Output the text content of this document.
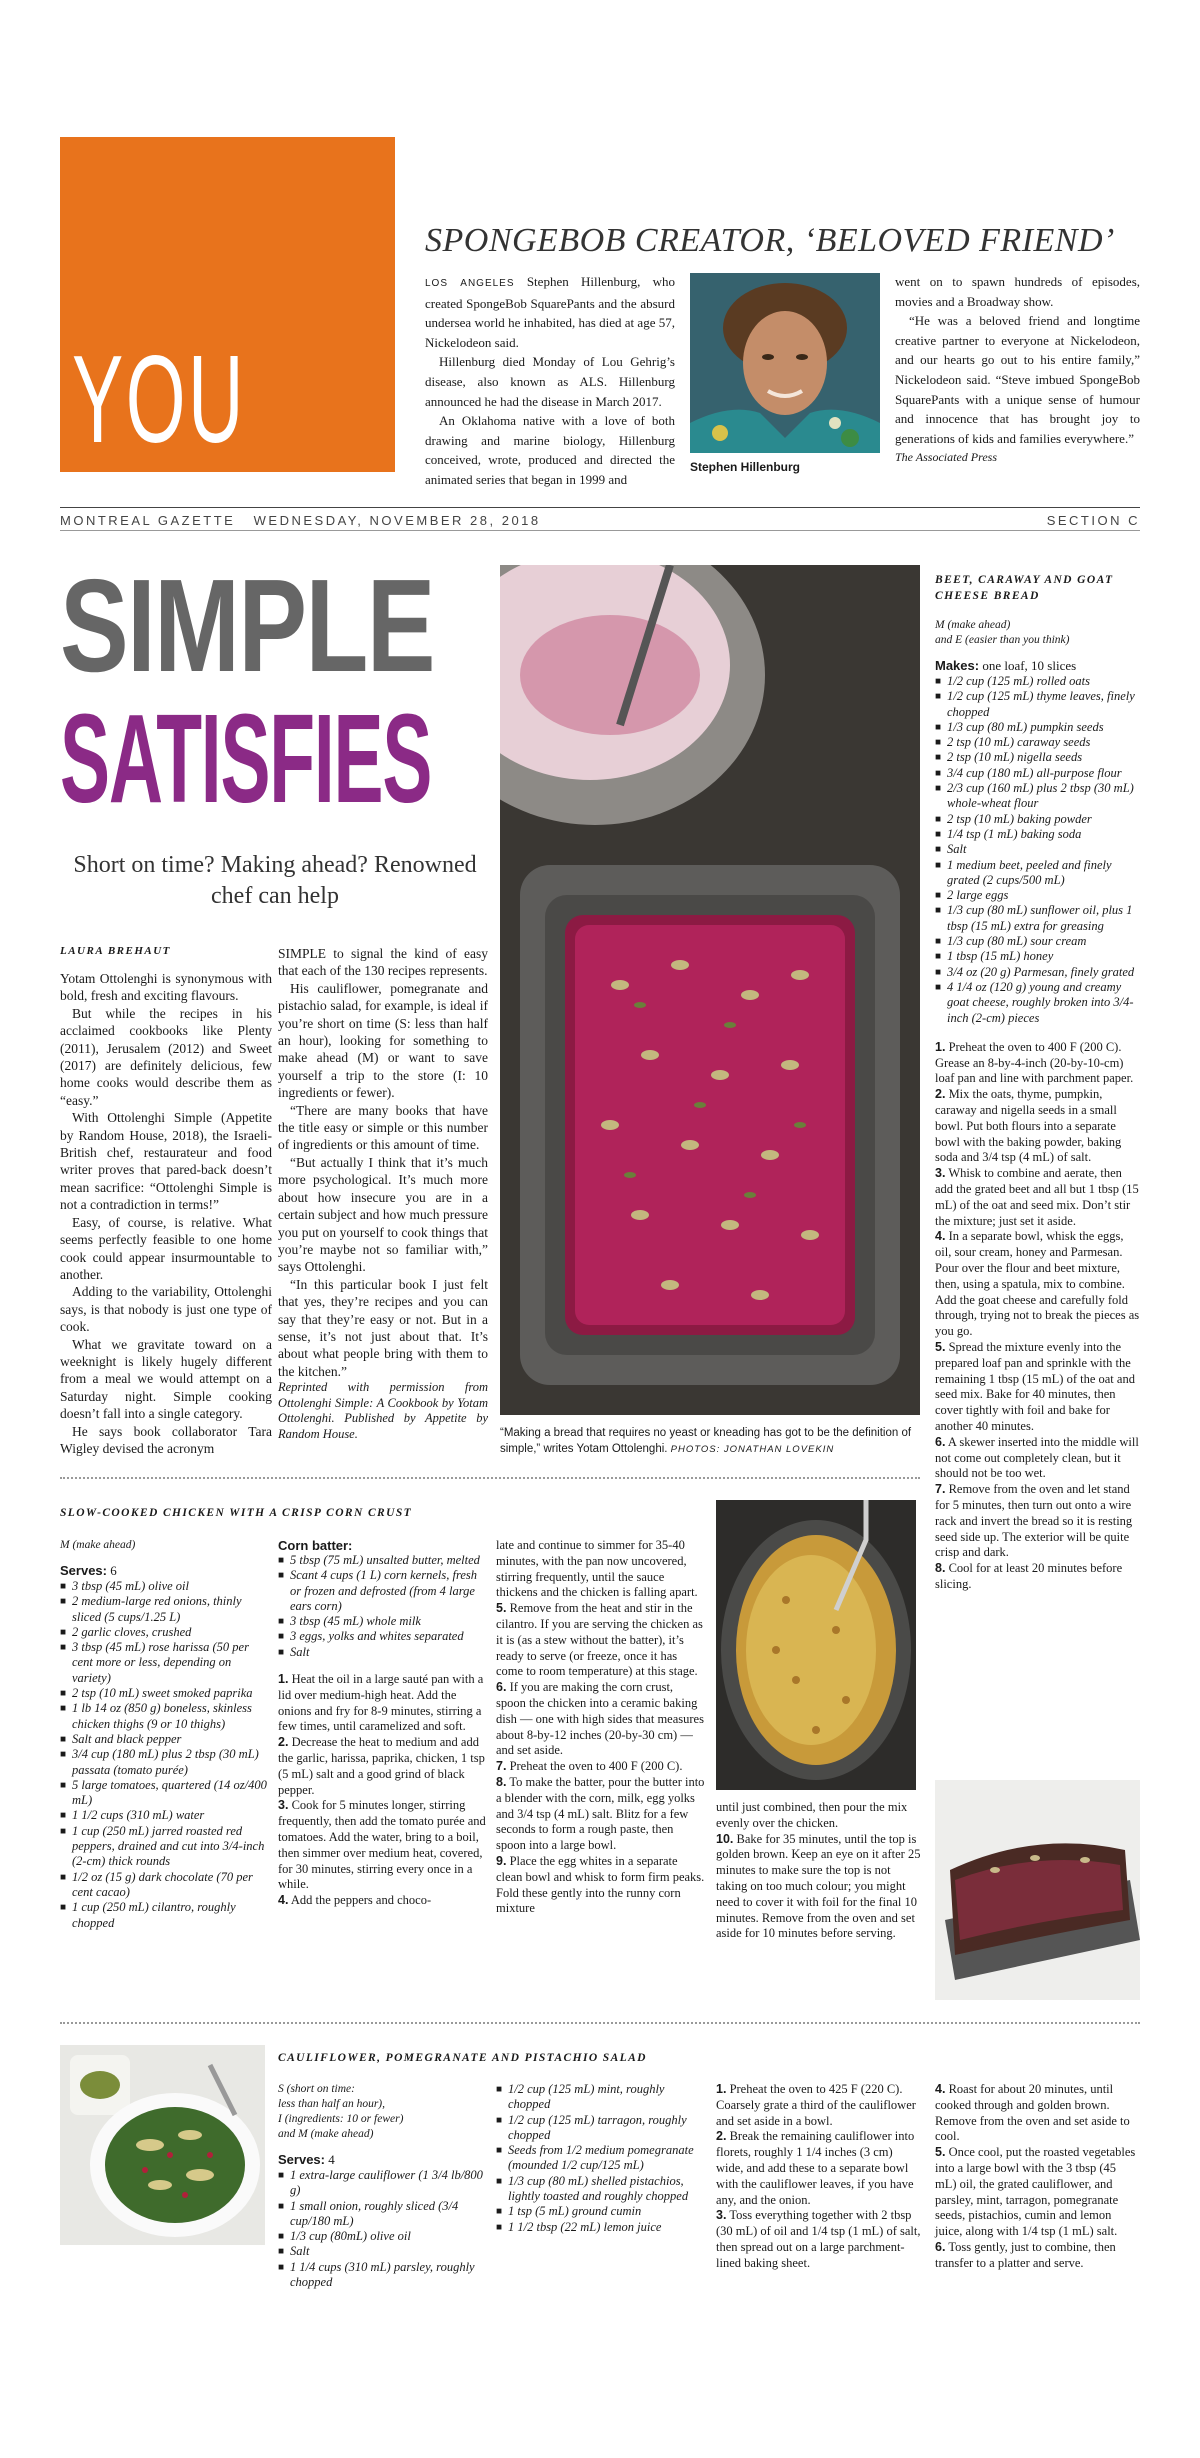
YOU
SPONGEBOB CREATOR, ‘BELOVED FRIEND’

LOS ANGELES Stephen Hillenburg, who created SpongeBob SquarePants and the absurd undersea world he inhabited, has died at age 57, Nickelodeon said.

Hillenburg died Monday of Lou Gehrig’s disease, also known as ALS. Hillenburg announced he had the disease in March 2017.

An Oklahoma native with a love of both drawing and marine biology, Hillenburg conceived, wrote, produced and directed the animated series that began in 1999 and

Stephen Hillenburg

went on to spawn hundreds of episodes, movies and a Broadway show.

“He was a beloved friend and longtime creative partner to everyone at Nickelodeon, and our hearts go out to his entire family,” Nickelodeon said. “Steve imbued SpongeBob SquarePants with a unique sense of humour and innocence that has brought joy to generations of kids and families everywhere.”

The Associated Press

MONTREAL GAZETTE WEDNESDAY, NOVEMBER 28, 2018	SECTION C
SIMPLE
SATISFIES
Short on time? Making ahead? Renowned chef can help
LAURA BREHAUT

Yotam Ottolenghi is synonymous with bold, fresh and exciting flavours.

But while the recipes in his acclaimed cookbooks like Plenty (2011), Jerusalem (2012) and Sweet (2017) are definitely delicious, few home cooks would describe them as “easy.”

With Ottolenghi Simple (Appetite by Random House, 2018), the Israeli-British chef, restaurateur and food writer proves that pared-back doesn’t mean sacrifice: “Ottolenghi Simple is not a contradiction in terms!”

Easy, of course, is relative. What seems perfectly feasible to one home cook could appear insurmountable to another.

Adding to the variability, Ottolenghi says, is that nobody is just one type of cook.

What we gravitate toward on a weeknight is likely hugely different from a meal we would attempt on a Saturday night. Simple cooking doesn’t fall into a single category.

He says book collaborator Tara Wigley devised the acronym

SIMPLE to signal the kind of easy that each of the 130 recipes represents.

His cauliflower, pomegranate and pistachio salad, for example, is ideal if you’re short on time (S: less than half an hour), looking for something to make ahead (M) or want to save yourself a trip to the store (I: 10 ingredients or fewer).

“There are many books that have the title easy or simple or this number of ingredients or this amount of time.

“But actually I think that it’s much more psychological. It’s much more about how insecure you are in a certain subject and how much pressure you put on yourself to cook things that you’re maybe not so familiar with,” says Ottolenghi.

“In this particular book I just felt that yes, they’re recipes and you can say that they’re easy or not. But in a sense, it’s not just about that. It’s about what people bring with them to the kitchen.”

Reprinted with permission from Ottolenghi Simple: A Cookbook by Yotam Ottolenghi. Published by Appetite by Random House.	“Making a bread that requires no yeast or kneading has got to be the definition of simple,” writes Yotam Ottolenghi. PHOTOS: JONATHAN LOVEKIN
BEET, CARAWAY AND GOAT CHEESE BREAD
M (make ahead)
and E (easier than you think)
Makes: one loaf, 10 slices
■ 1/2 cup (125 mL) rolled oats
■ 1/2 cup (125 mL) thyme leaves, finely chopped
■ 1/3 cup (80 mL) pumpkin seeds
■ 2 tsp (10 mL) caraway seeds
■ 2 tsp (10 mL) nigella seeds
■ 3/4 cup (180 mL) all-purpose flour
■ 2/3 cup (160 mL) plus 2 tbsp (30 mL) whole-wheat flour
■ 2 tsp (10 mL) baking powder
■ 1/4 tsp (1 mL) baking soda
■ Salt
■ 1 medium beet, peeled and finely grated (2 cups/500 mL)
■ 2 large eggs
■ 1/3 cup (80 mL) sunflower oil, plus 1 tbsp (15 mL) extra for greasing
■ 1/3 cup (80 mL) sour cream
■ 1 tbsp (15 mL) honey
■ 3/4 oz (20 g) Parmesan, finely grated
■ 4 1/4 oz (120 g) young and creamy goat cheese, roughly broken into 3/4-inch (2-cm) pieces

1. Preheat the oven to 400 F (200 C). Grease an 8-by-4-inch (20-by-10-cm) loaf pan and line with parchment paper.

2. Mix the oats, thyme, pumpkin, caraway and nigella seeds in a small bowl. Put both flours into a separate bowl with the baking powder, baking soda and 3/4 tsp (4 mL) of salt.

3. Whisk to combine and aerate, then add the grated beet and all but 1 tbsp (15 mL) of the oat and seed mix. Don’t stir the mixture; just set it aside.

4. In a separate bowl, whisk the eggs, oil, sour cream, honey and Parmesan. Pour over the flour and beet mixture, then, using a spatula, mix to combine. Add the goat cheese and carefully fold through, trying not to break the pieces as you go.

5. Spread the mixture evenly into the prepared loaf pan and sprinkle with the remaining 1 tbsp (15 mL) of the oat and seed mix. Bake for 40 minutes, then cover tightly with foil and bake for another 40 minutes.

6. A skewer inserted into the middle will not come out completely clean, but it should not be too wet.

7. Remove from the oven and let stand for 5 minutes, then turn out onto a wire rack and invert the bread so it is resting seed side up. The exterior will be quite crisp and dark.

8. Cool for at least 20 minutes before slicing.

SLOW-COOKED CHICKEN WITH A CRISP CORN CRUST
M (make ahead)
Serves: 6
■ 3 tbsp (45 mL) olive oil
■ 2 medium-large red onions, thinly sliced (5 cups/1.25 L)
■ 2 garlic cloves, crushed
■ 3 tbsp (45 mL) rose harissa (50 per cent more or less, depending on variety)
■ 2 tsp (10 mL) sweet smoked paprika
■ 1 lb 14 oz (850 g) boneless, skinless chicken thighs (9 or 10 thighs)
■ Salt and black pepper
■ 3/4 cup (180 mL) plus 2 tbsp (30 mL) passata (tomato purée)
■ 5 large tomatoes, quartered (14 oz/400 mL)
■ 1 1/2 cups (310 mL) water
■ 1 cup (250 mL) jarred roasted red peppers, drained and cut into 3/4-inch (2-cm) thick rounds
■ 1/2 oz (15 g) dark chocolate (70 per cent cacao)
■ 1 cup (250 mL) cilantro, roughly chopped
Corn batter:
■ 5 tbsp (75 mL) unsalted butter, melted
■ Scant 4 cups (1 L) corn kernels, fresh or frozen and defrosted (from 4 large ears corn)
■ 3 tbsp (45 mL) whole milk
■ 3 eggs, yolks and whites separated
■ Salt

1. Heat the oil in a large sauté pan with a lid over medium-high heat. Add the onions and fry for 8-9 minutes, stirring a few times, until caramelized and soft.

2. Decrease the heat to medium and add the garlic, harissa, paprika, chicken, 1 tsp (5 mL) salt and a good grind of black pepper.

3. Cook for 5 minutes longer, stirring frequently, then add the tomato purée and tomatoes. Add the water, bring to a boil, then simmer over medium heat, covered, for 30 minutes, stirring every once in a while.

4. Add the peppers and choco-

late and continue to simmer for 35-40 minutes, with the pan now uncovered, stirring frequently, until the sauce thickens and the chicken is falling apart.

5. Remove from the heat and stir in the cilantro. If you are serving the chicken as it is (as a stew without the batter), it’s ready to serve (or freeze, once it has come to room temperature) at this stage.

6. If you are making the corn crust, spoon the chicken into a ceramic baking dish — one with high sides that measures about 8-by-12 inches (20-by-30 cm) — and set aside.

7. Preheat the oven to 400 F (200 C).

8. To make the batter, pour the butter into a blender with the corn, milk, egg yolks and 3/4 tsp (4 mL) salt. Blitz for a few seconds to form a rough paste, then spoon into a large bowl.

9. Place the egg whites in a separate clean bowl and whisk to form firm peaks. Fold these gently into the runny corn mixture

until just combined, then pour the mix evenly over the chicken.

10. Bake for 35 minutes, until the top is golden brown. Keep an eye on it after 25 minutes to make sure the top is not taking on too much colour; you might need to cover it with foil for the final 10 minutes. Remove from the oven and set aside for 10 minutes before serving.

CAULIFLOWER, POMEGRANATE AND PISTACHIO SALAD
S (short on time:
less than half an hour),
I (ingredients: 10 or fewer)
and M (make ahead)
Serves: 4
■ 1 extra-large cauliflower (1 3/4 lb/800 g)
■ 1 small onion, roughly sliced (3/4 cup/180 mL)
■ 1/3 cup (80mL) olive oil
■ Salt
■ 1 1/4 cups (310 mL) parsley, roughly chopped
■ 1/2 cup (125 mL) mint, roughly chopped
■ 1/2 cup (125 mL) tarragon, roughly chopped
■ Seeds from 1/2 medium pomegranate (mounded 1/2 cup/125 mL)
■ 1/3 cup (80 mL) shelled pistachios, lightly toasted and roughly chopped
■ 1 tsp (5 mL) ground cumin
■ 1 1/2 tbsp (22 mL) lemon juice

1. Preheat the oven to 425 F (220 C). Coarsely grate a third of the cauliflower and set aside in a bowl.

2. Break the remaining cauliflower into florets, roughly 1 1/4 inches (3 cm) wide, and add these to a separate bowl with the cauliflower leaves, if you have any, and the onion.

3. Toss everything together with 2 tbsp (30 mL) of oil and 1/4 tsp (1 mL) of salt, then spread out on a large parchment-lined baking sheet.

4. Roast for about 20 minutes, until cooked through and golden brown. Remove from the oven and set aside to cool.

5. Once cool, put the roasted vegetables into a large bowl with the 3 tbsp (45 mL) oil, the grated cauliflower, and parsley, mint, tarragon, pomegranate seeds, pistachios, cumin and lemon juice, along with 1/4 tsp (1 mL) salt.

6. Toss gently, just to combine, then transfer to a platter and serve.
